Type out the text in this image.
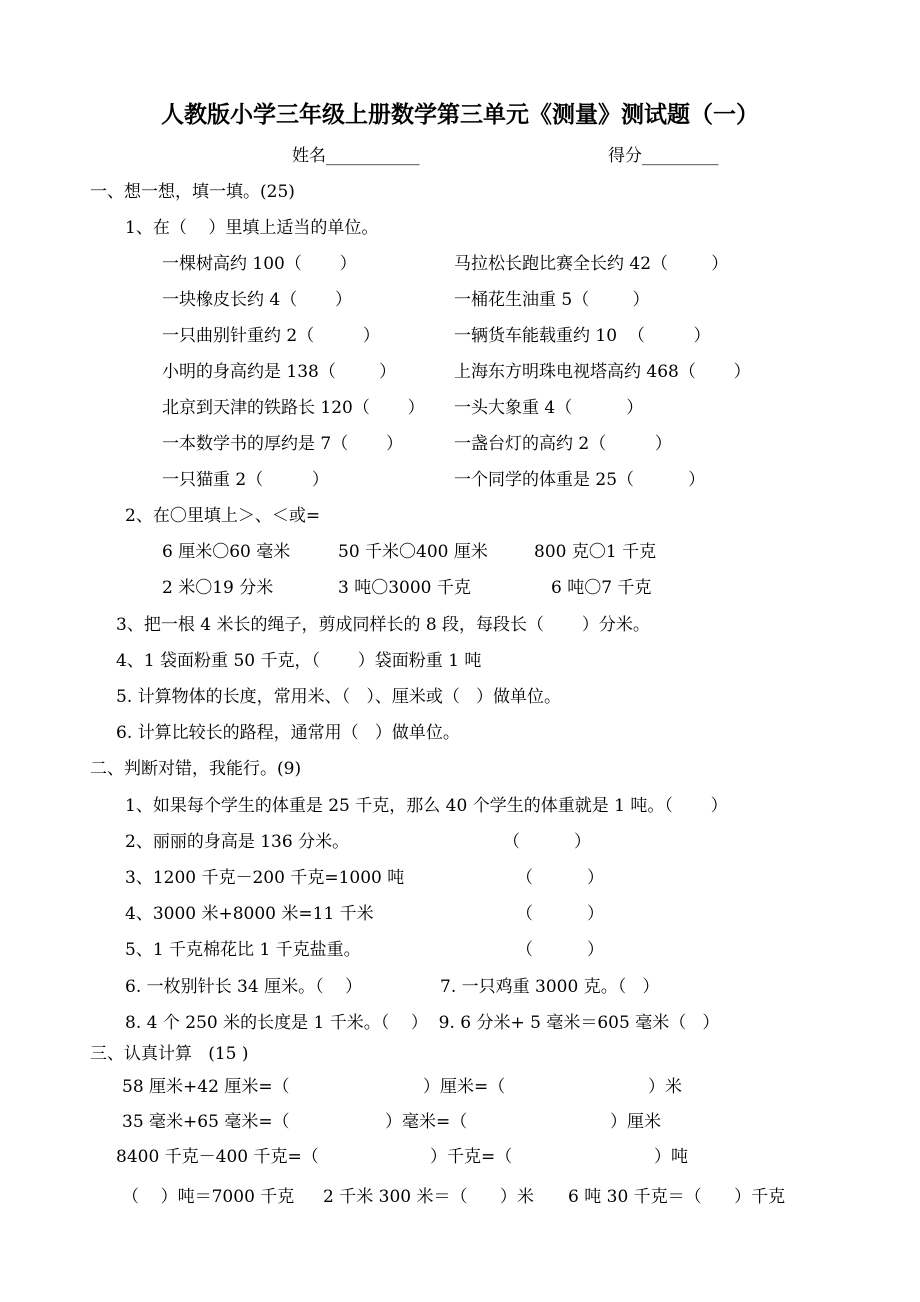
人教版小学三年级上册数学第三单元《测量》测试题（一）
姓名___________	得分_________
一、想一想，填一填。(25)
1、在（    ）里填上适当的单位。
一棵树高约 100（       ）	马拉松长跑比赛全长约 42（        ）
一块橡皮长约 4（       ）	一桶花生油重 5（        ）
一只曲别针重约 2（         ）	一辆货车能载重约 10  （         ）
小明的身高约是 138（        ）	上海东方明珠电视塔高约 468（       ）
北京到天津的铁路长 120（       ） 一头大象重 4（          ）
一本数学书的厚约是 7（       ）	一盏台灯的高约 2（         ）
一只猫重 2（         ）	一个同学的体重是 25（          ）
2、在〇里填上＞、＜或=
6 厘米〇60 毫米	50 千米〇400 厘米	800 克〇1 千克
2 米〇19 分米	3 吨〇3000 千克	6 吨〇7 千克
3、把一根 4 米长的绳子，剪成同样长的 8 段，每段长（       ）分米。
4、1 袋面粉重 50 千克，（       ）袋面粉重 1 吨
5. 计算物体的长度，常用米、（   ）、厘米或（   ）做单位。
6. 计算比较长的路程，通常用（   ）做单位。
二、判断对错，我能行。(9)
1、如果每个学生的体重是 25 千克，那么 40 个学生的体重就是 1 吨。（       ）
2、丽丽的身高是 136 分米。	（          ）
3、1200 千克－200 千克=1000 吨	（          ）
4、3000 米+8000 米=11 千米	（          ）
5、1 千克棉花比 1 千克盐重。	（          ）
6. 一枚别针长 34 厘米。（    ）	7. 一只鸡重 3000 克。（   ）
8. 4 个 250 米的长度是 1 千米。（    ）  9. 6 分米+ 5 毫米＝605 毫米（   ）
三、认真计算   (15 )
58 厘米+42 厘米=（	）厘米=（	）米
35 毫米+65 毫米=（	）毫米=（	）厘米
8400 千克－400 千克=（	）千克=（	）吨
（    ）吨＝7000 千克 2 千米 300 米＝（      ）米 6 吨 30 千克＝（      ）千克
